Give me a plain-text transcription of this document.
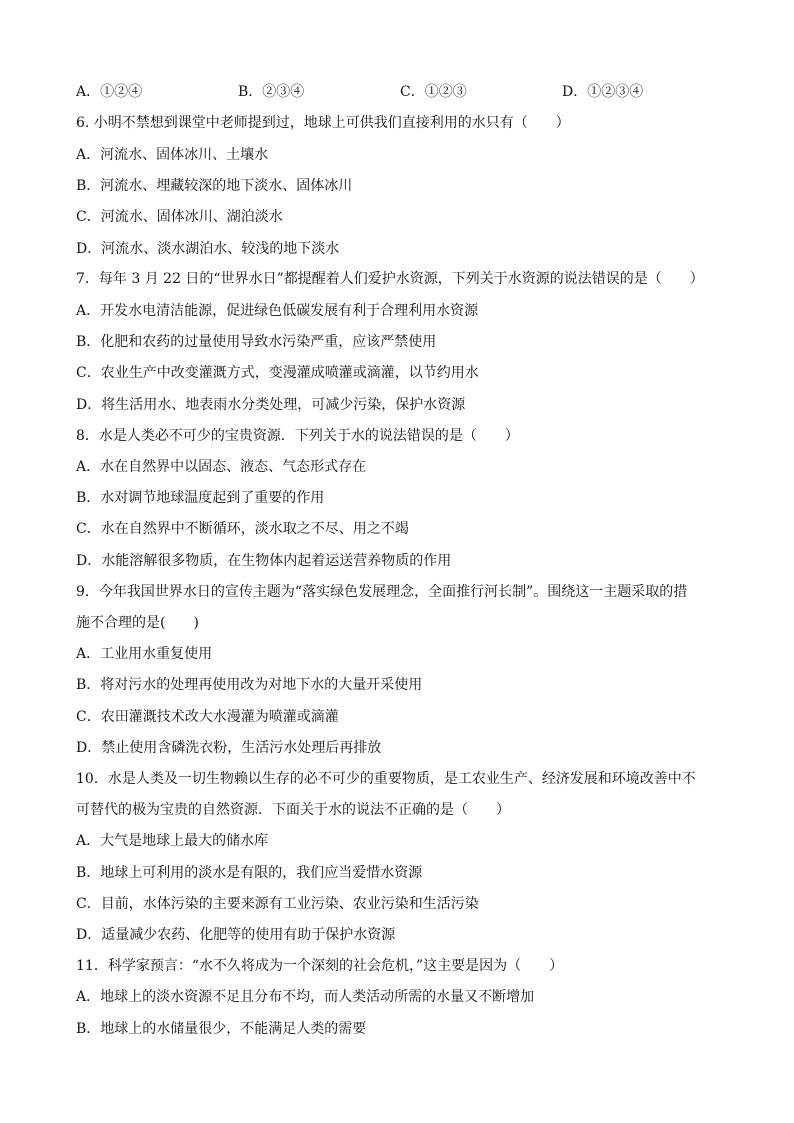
A．①②④	B．②③④	C．①②③	D．①②③④
6. 小明不禁想到课堂中老师提到过，地球上可供我们直接利用的水只有（　　）
A．河流水、固体冰川、土壤水
B．河流水、埋藏较深的地下淡水、固体冰川
C．河流水、固体冰川、湖泊淡水
D．河流水、淡水湖泊水、较浅的地下淡水
7．每年 3 月 22 日的“世界水日”都提醒着人们爱护水资源，下列关于水资源的说法错误的是（　　）
A．开发水电清洁能源，促进绿色低碳发展有利于合理利用水资源
B．化肥和农药的过量使用导致水污染严重，应该严禁使用
C．农业生产中改变灌溉方式，变漫灌成喷灌或滴灌，以节约用水
D．将生活用水、地表雨水分类处理，可减少污染，保护水资源
8．水是人类必不可少的宝贵资源．下列关于水的说法错误的是（　　）
A．水在自然界中以固态、液态、气态形式存在
B．水对调节地球温度起到了重要的作用
C．水在自然界中不断循环，淡水取之不尽、用之不竭
D．水能溶解很多物质，在生物体内起着运送营养物质的作用
9．今年我国世界水日的宣传主题为“落实绿色发展理念，全面推行河长制”。围绕这一主题采取的措
施不合理的是(　　)
A．工业用水重复使用
B．将对污水的处理再使用改为对地下水的大量开采使用
C．农田灌溉技术改大水漫灌为喷灌或滴灌
D．禁止使用含磷洗衣粉，生活污水处理后再排放
10．水是人类及一切生物赖以生存的必不可少的重要物质，是工农业生产、经济发展和环境改善中不
可替代的极为宝贵的自然资源．下面关于水的说法不正确的是（　　）
A．大气是地球上最大的储水库
B．地球上可利用的淡水是有限的，我们应当爱惜水资源
C．目前，水体污染的主要来源有工业污染、农业污染和生活污染
D．适量减少农药、化肥等的使用有助于保护水资源
11．科学家预言：“水不久将成为一个深刻的社会危机，”这主要是因为（　　）
A．地球上的淡水资源不足且分布不均，而人类活动所需的水量又不断增加
B．地球上的水储量很少，不能满足人类的需要
